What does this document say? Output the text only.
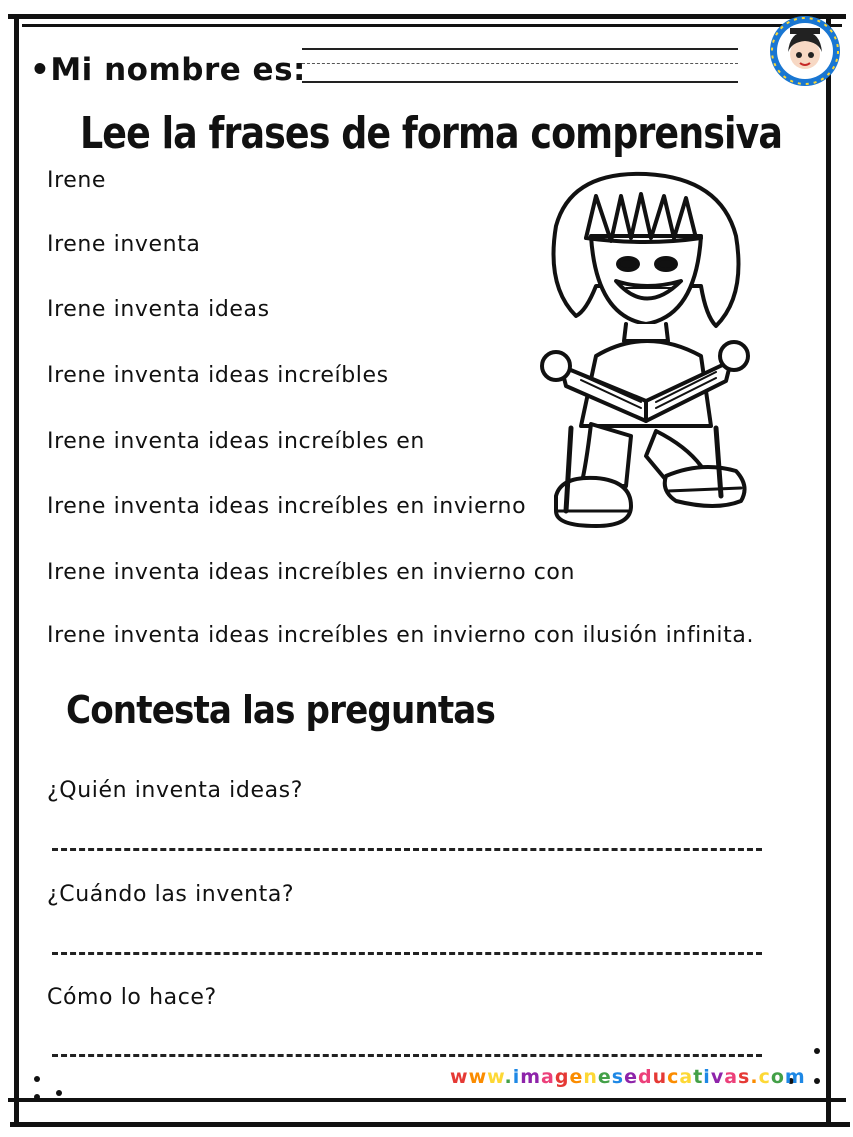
•Mi nombre es:
Lee la frases de forma comprensiva
Irene
Irene inventa
Irene inventa ideas
Irene inventa ideas increíbles
Irene inventa ideas increíbles en
Irene inventa ideas increíbles en invierno
Irene inventa ideas increíbles en invierno con
Irene inventa ideas increíbles en invierno con ilusión infinita.
Contesta las preguntas
¿Quién inventa ideas?
¿Cuándo las inventa?
Cómo lo hace?
www.imageneseducativas.com
